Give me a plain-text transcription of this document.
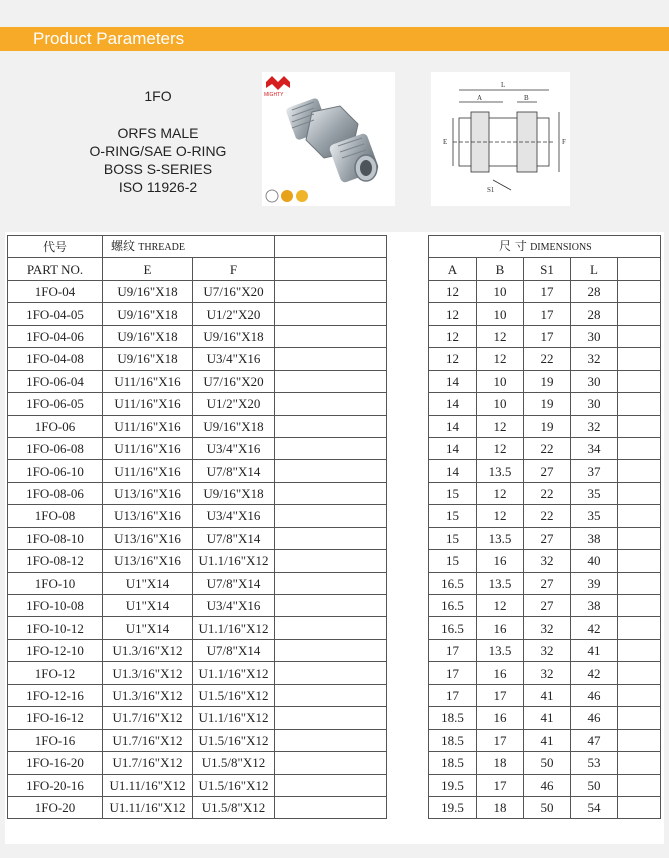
Product Parameters
1FO
ORFS MALE
O-RING/SAE O-RING
BOSS S-SERIES
ISO 11926-2
MIGHTY
L
A	B
E	F
S1
代号	螺纹 THREADE				尺 寸 DIMENSIONS				
PART NO.	E	F			A	B	S1	L	
1FO-04	U9/16"X18	U7/16"X20			12	10	17	28	
1FO-04-05	U9/16"X18	U1/2"X20			12	10	17	28	
1FO-04-06	U9/16"X18	U9/16"X18			12	12	17	30	
1FO-04-08	U9/16"X18	U3/4"X16			12	12	22	32	
1FO-06-04	U11/16"X16	U7/16"X20			14	10	19	30	
1FO-06-05	U11/16"X16	U1/2"X20			14	10	19	30	
1FO-06	U11/16"X16	U9/16"X18			14	12	19	32	
1FO-06-08	U11/16"X16	U3/4"X16			14	12	22	34	
1FO-06-10	U11/16"X16	U7/8"X14			14	13.5	27	37	
1FO-08-06	U13/16"X16	U9/16"X18			15	12	22	35	
1FO-08	U13/16"X16	U3/4"X16			15	12	22	35	
1FO-08-10	U13/16"X16	U7/8"X14			15	13.5	27	38	
1FO-08-12	U13/16"X16	U1.1/16"X12			15	16	32	40	
1FO-10	U1"X14	U7/8"X14			16.5	13.5	27	39	
1FO-10-08	U1"X14	U3/4"X16			16.5	12	27	38	
1FO-10-12	U1"X14	U1.1/16"X12			16.5	16	32	42	
1FO-12-10	U1.3/16"X12	U7/8"X14			17	13.5	32	41	
1FO-12	U1.3/16"X12	U1.1/16"X12			17	16	32	42	
1FO-12-16	U1.3/16"X12	U1.5/16"X12			17	17	41	46	
1FO-16-12	U1.7/16"X12	U1.1/16"X12			18.5	16	41	46	
1FO-16	U1.7/16"X12	U1.5/16"X12			18.5	17	41	47	
1FO-16-20	U1.7/16"X12	U1.5/8"X12			18.5	18	50	53	
1FO-20-16	U1.11/16"X12	U1.5/16"X12			19.5	17	46	50	
1FO-20	U1.11/16"X12	U1.5/8"X12			19.5	18	50	54	
